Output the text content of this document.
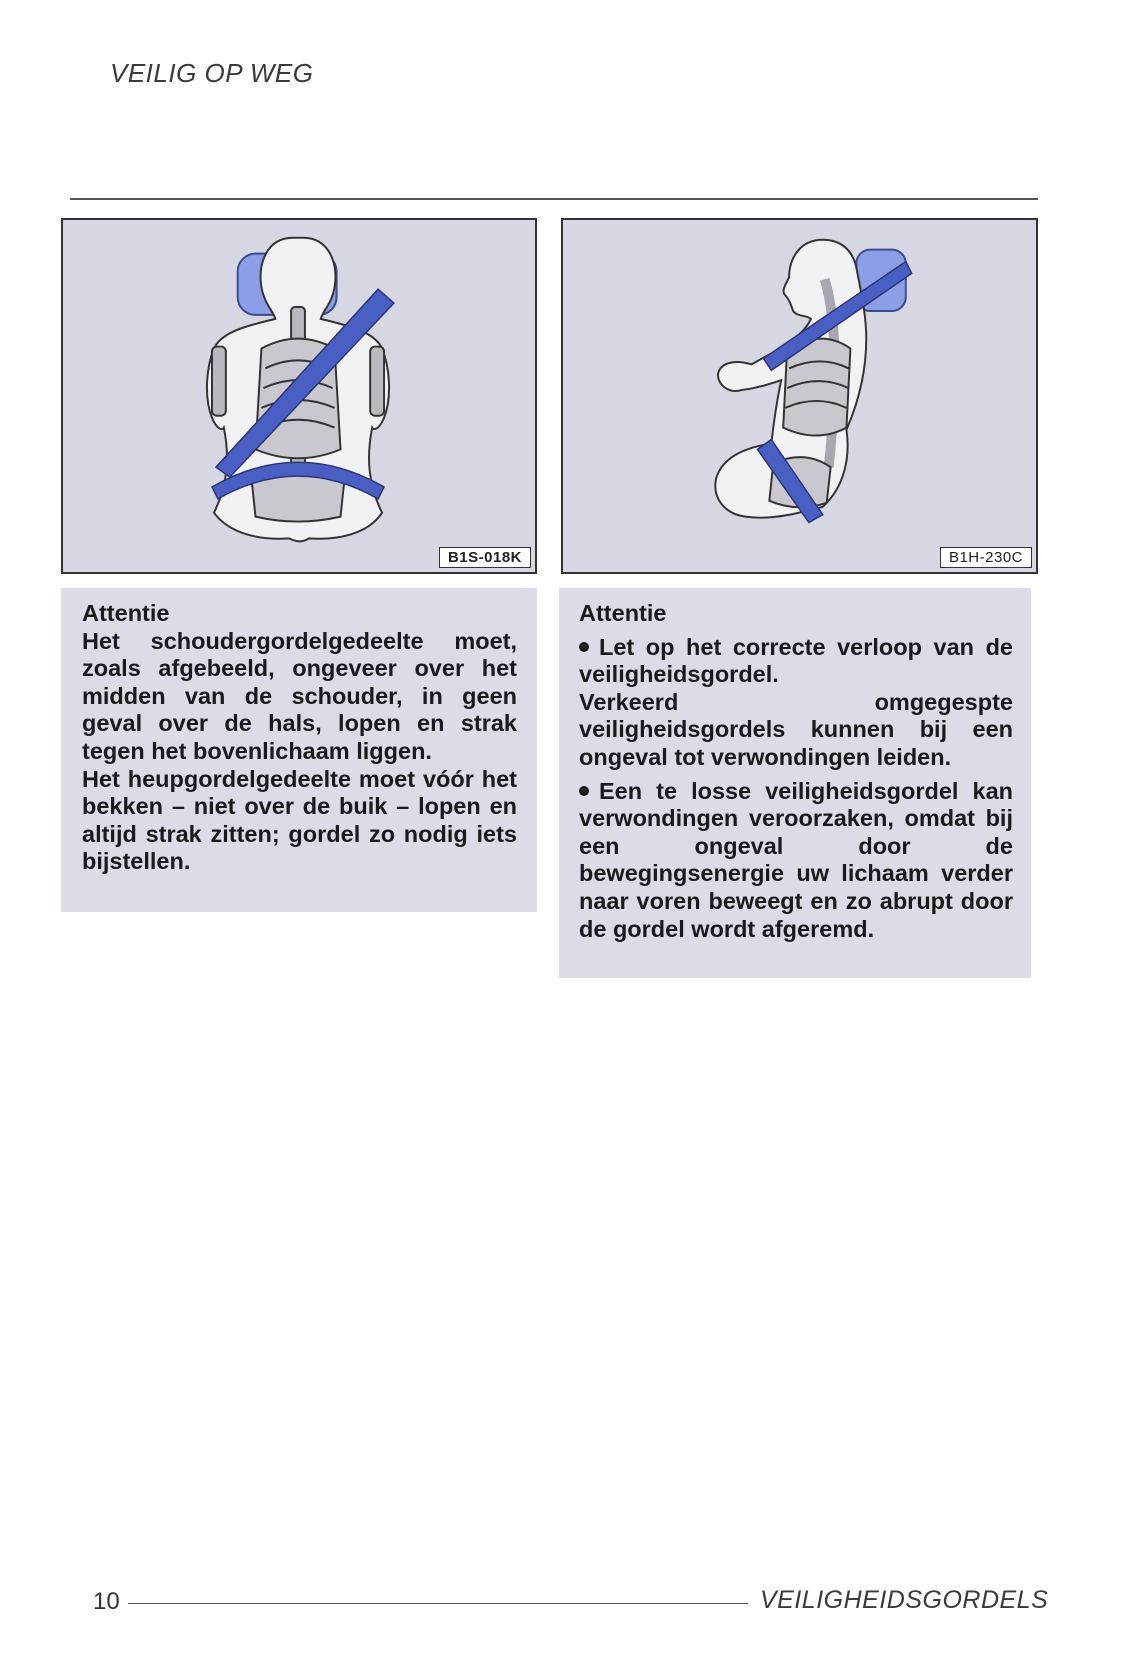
VEILIG OP WEG
B1S-018K	B1H-230C

Attentie

Het schoudergordelgedeelte moet, zoals afgebeeld, ongeveer over het midden van de schouder, in geen geval over de hals, lopen en strak tegen het bovenlichaam liggen.

Het heupgordelgedeelte moet vóór het bekken – niet over de buik – lopen en altijd strak zitten; gordel zo nodig iets bijstellen.

Attentie

Let op het correcte verloop van de veiligheidsgordel.

Verkeerd omgegespte veiligheidsgordels kunnen bij een ongeval tot verwondingen leiden.

Een te losse veiligheidsgordel kan verwondingen veroorzaken, omdat bij een ongeval door de bewegingsenergie uw lichaam verder naar voren beweegt en zo abrupt door de gordel wordt afgeremd.

10	VEILIGHEIDSGORDELS
